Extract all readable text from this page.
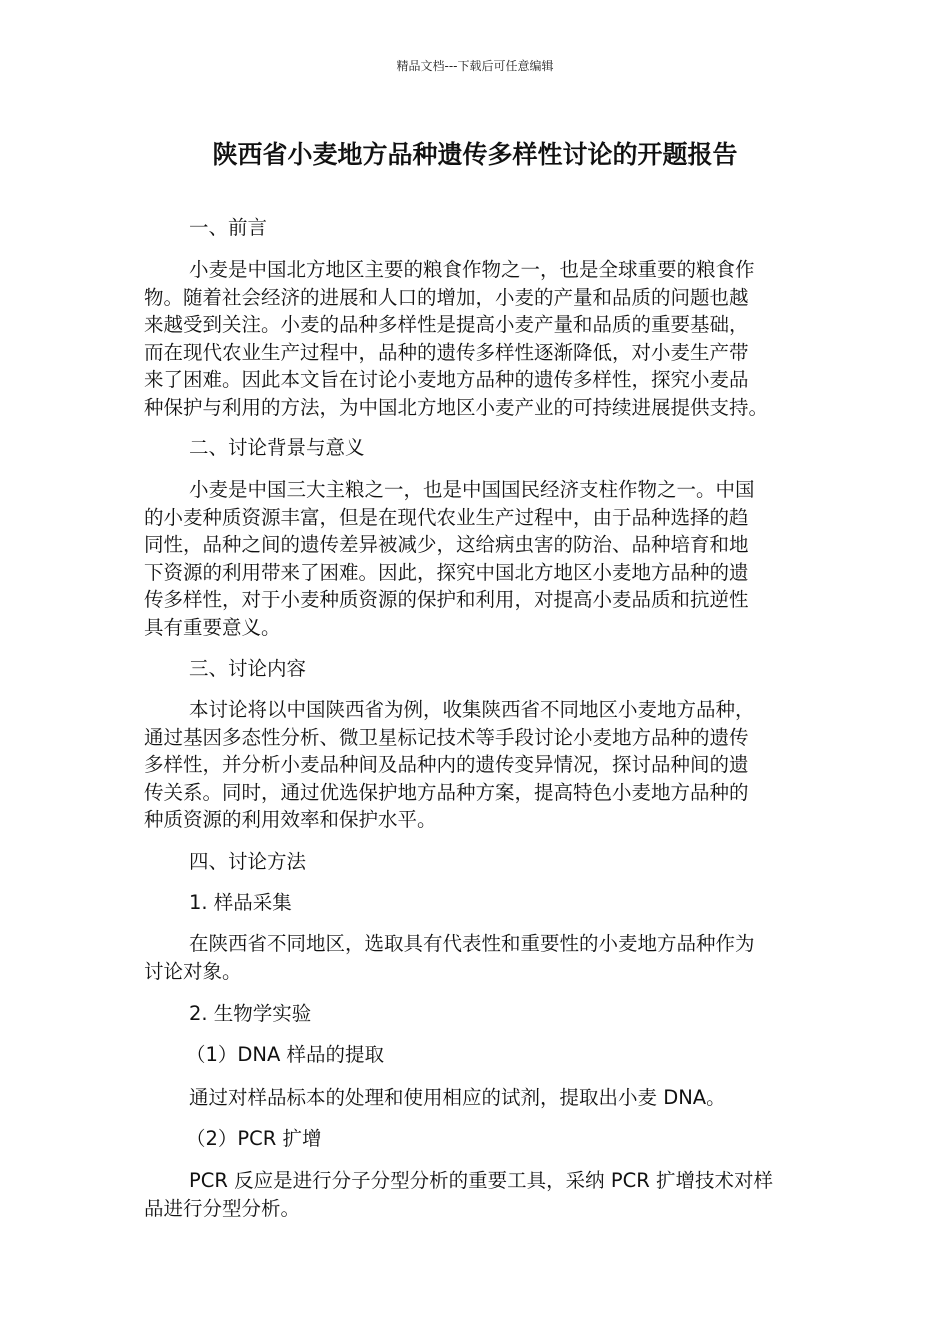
精品文档---下载后可任意编辑
陕西省小麦地方品种遗传多样性讨论的开题报告
一、前言
小麦是中国北方地区主要的粮食作物之一，也是全球重要的粮食作
物。随着社会经济的进展和人口的增加，小麦的产量和品质的问题也越
来越受到关注。小麦的品种多样性是提高小麦产量和品质的重要基础，
而在现代农业生产过程中，品种的遗传多样性逐渐降低，对小麦生产带
来了困难。因此本文旨在讨论小麦地方品种的遗传多样性，探究小麦品
种保护与利用的方法，为中国北方地区小麦产业的可持续进展提供支持。
二、讨论背景与意义
小麦是中国三大主粮之一，也是中国国民经济支柱作物之一。中国
的小麦种质资源丰富，但是在现代农业生产过程中，由于品种选择的趋
同性，品种之间的遗传差异被减少，这给病虫害的防治、品种培育和地
下资源的利用带来了困难。因此，探究中国北方地区小麦地方品种的遗
传多样性，对于小麦种质资源的保护和利用，对提高小麦品质和抗逆性
具有重要意义。
三、讨论内容
本讨论将以中国陕西省为例，收集陕西省不同地区小麦地方品种，
通过基因多态性分析、微卫星标记技术等手段讨论小麦地方品种的遗传
多样性，并分析小麦品种间及品种内的遗传变异情况，探讨品种间的遗
传关系。同时，通过优选保护地方品种方案，提高特色小麦地方品种的
种质资源的利用效率和保护水平。
四、讨论方法
1. 样品采集
在陕西省不同地区，选取具有代表性和重要性的小麦地方品种作为
讨论对象。
2. 生物学实验
（1）DNA 样品的提取
通过对样品标本的处理和使用相应的试剂，提取出小麦 DNA。
（2）PCR 扩增
PCR 反应是进行分子分型分析的重要工具，采纳 PCR 扩增技术对样
品进行分型分析。
